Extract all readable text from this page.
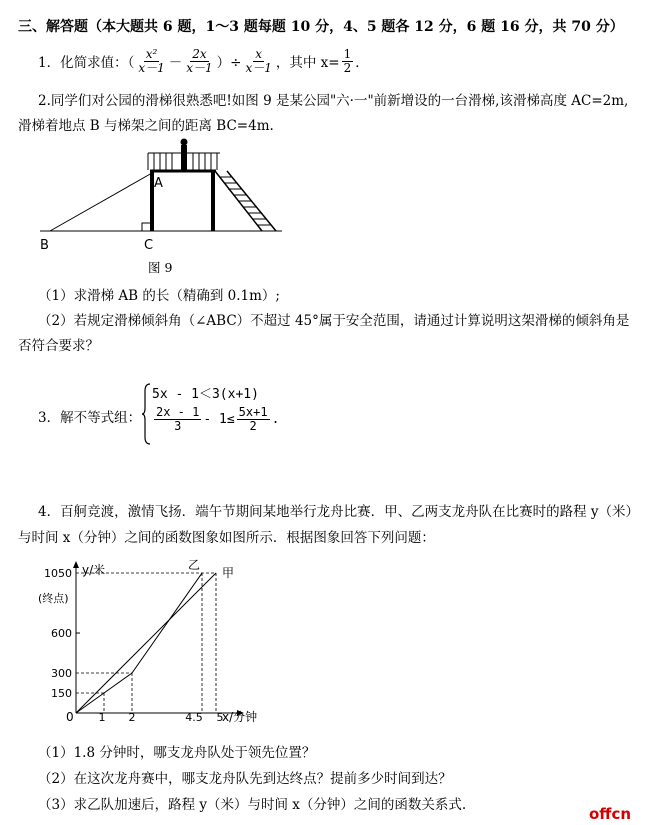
三、解答题（本大题共 6 题，1～3 题每题 10 分，4、5 题各 12 分，6 题 16 分，共 70 分）
1．化简求值：（ $\frac{\text{x²}}{x-1} - \frac{2x}{x-1}$ ）÷ $\frac{x}{x-1}$ ，其中 $x= \frac{1}{2}$ ．
2.同学们对公园的滑梯很熟悉吧!如图 9 是某公园"六·一"前新增设的一台滑梯,该滑梯高度 AC=2m,
滑梯着地点 B 与梯架之间的距离 BC=4m.
A
B	C
图 9
（1）求滑梯 AB 的长（精确到 0.1m）;
（2）若规定滑梯倾斜角（∠ABC）不超过 45°属于安全范围，请通过计算说明这架滑梯的倾斜角是
否符合要求？
3．解不等式组：
5x - 1＜3(x+1)
$\frac{2x - 1}{3} - 1\le \frac{5x+1}{2}$ .
4．百舸竞渡，激情飞扬．端午节期间某地举行龙舟比赛．甲、乙两支龙舟队在比赛时的路程 y（米）
与时间 x（分钟）之间的函数图象如图所示．根据图象回答下列问题：
y/米
x/分钟
0
(终点)
150
300
600
1050
1 2	4.5 5
甲
乙
（1）1.8 分钟时，哪支龙舟队处于领先位置？
（2）在这次龙舟赛中，哪支龙舟队先到达终点？提前多少时间到达？
（3）求乙队加速后，路程 y（米）与时间 x（分钟）之间的函数关系式.	offcn
